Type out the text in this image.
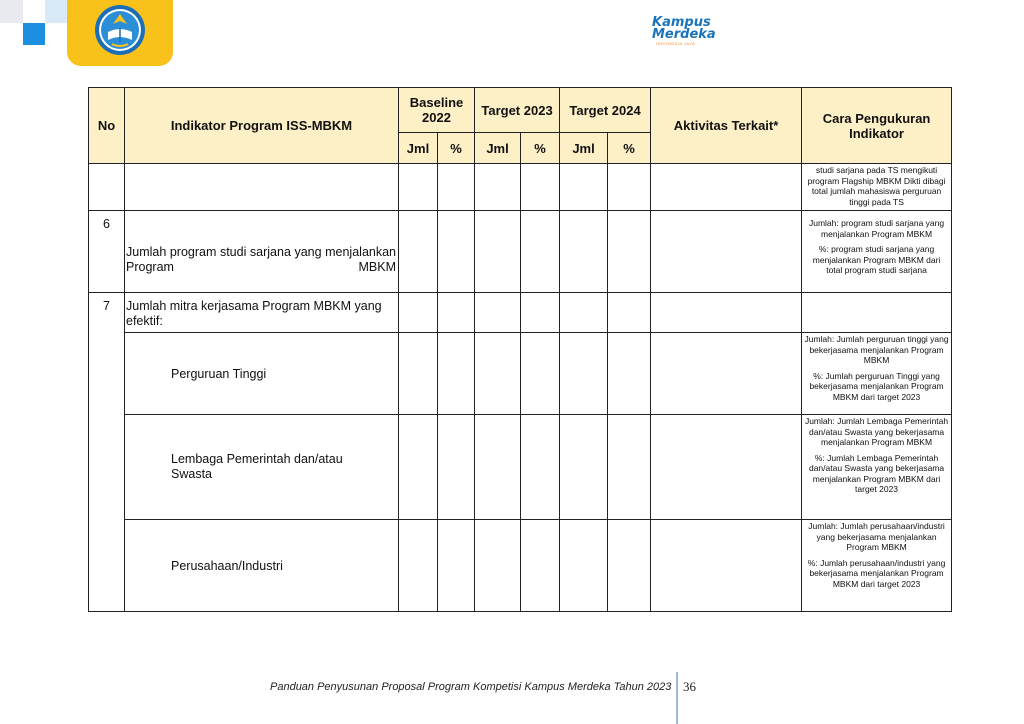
Kampus
Merdeka
INDONESIA JAYA
No	Indikator Program ISS-MBKM	Baseline 2022		Target 2023		Target 2024		Aktivitas Terkait*	Cara Pengukuran Indikator
		Jml	%	Jml	%	Jml	%		

									studi sarjana pada TS mengikuti program Flagship MBKM Dikti dibagi total jumlah mahasiswa perguruan tinggi pada TS

6	Jumlah program studi sarjana yang menjalankan Program MBKM								Jumlah: program studi sarjana yang menjalankan Program MBKM

%: program studi sarjana yang menjalankan Program MBKM dari total program studi sarjana

7	Jumlah mitra kerjasama Program MBKM yang efektif:								
	Perguruan Tinggi								Jumlah: Jumlah perguruan tinggi yang bekerjasama menjalankan Program MBKM

%: Jumlah perguruan Tinggi yang bekerjasama menjalankan Program MBKM dari target 2023

	Lembaga Pemerintah dan/atau Swasta								Jumlah: Jumlah Lembaga Pemerintah dan/atau Swasta yang bekerjasama menjalankan Program MBKM

%: Jumlah Lembaga Pemerintah dan/atau Swasta yang bekerjasama menjalankan Program MBKM dari target 2023

	Perusahaan/Industri								Jumlah: Jumlah perusahaan/industri yang bekerjasama menjalankan Program MBKM

%: Jumlah perusahaan/industri yang bekerjasama menjalankan Program MBKM dari target 2023

Panduan Penyusunan Proposal Program Kompetisi Kampus Merdeka Tahun 2023 36
